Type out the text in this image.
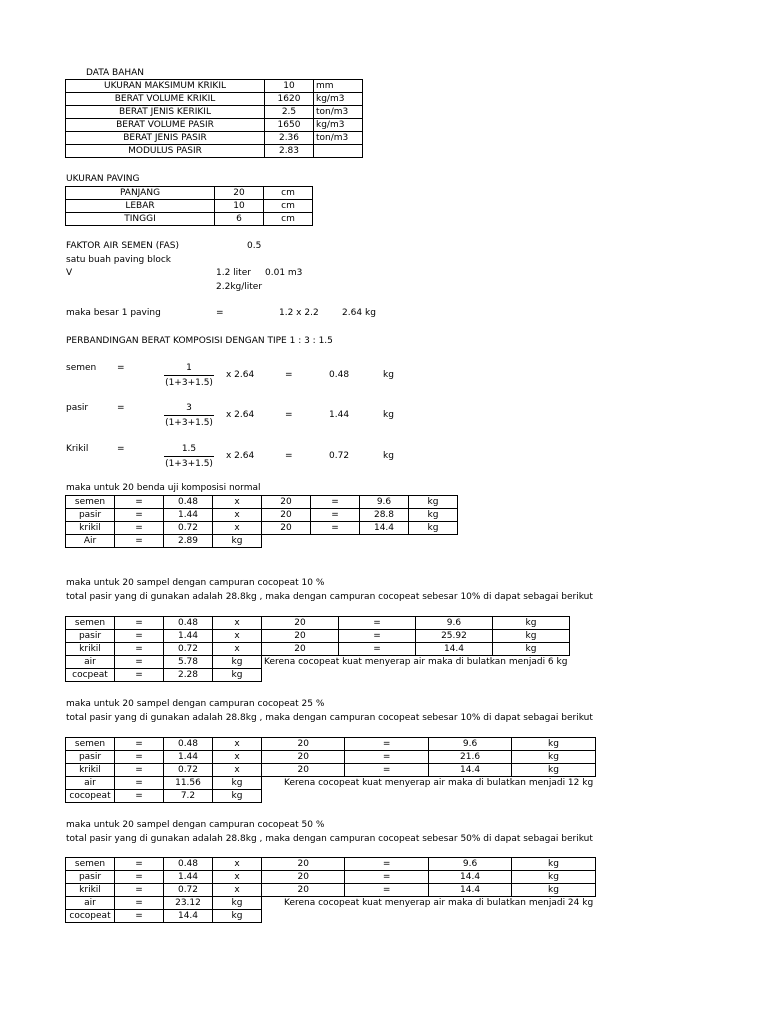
DATA BAHAN
UKURAN MAKSIMUM KRIKIL	10	mm
BERAT VOLUME KRIKIL	1620	kg/m3
BERAT JENIS KERIKIL	2.5	ton/m3
BERAT VOLUME PASIR	1650	kg/m3
BERAT JENIS PASIR	2.36	ton/m3
MODULUS PASIR	2.83	
UKURAN PAVING
PANJANG	20	cm
LEBAR	10	cm
TINGGI	6	cm
FAKTOR AIR SEMEN (FAS)	0.5
satu buah paving block
V	1.2 liter 0.01 m3
2.2kg/liter
maka besar 1 paving	=	1.2 x 2.2	2.64 kg
PERBANDINGAN BERAT KOMPOSISI DENGAN TIPE 1 : 3 : 1.5
semen =	$\frac{1}{(1+3+1.5)}$ x 2.64	=	0.48	kg
pasir	=	$\frac{3}{(1+3+1.5)}$ x 2.64	=	1.44	kg
Krikil	=	$\frac{1.5}{(1+3+1.5)}$ x 2.64	=	0.72	kg
maka untuk 20 benda uji komposisi normal
semen	=	0.48	x	20	=	9.6	kg
pasir	=	1.44	x	20	=	28.8	kg
krikil	=	0.72	x	20	=	14.4	kg
Air	=	2.89	kg				
maka untuk 20 sampel dengan campuran cocopeat 10 %
total pasir yang di gunakan adalah 28.8kg , maka dengan campuran cocopeat sebesar 10% di dapat sebagai berikut
semen	=	0.48	x	20	=	9.6	kg
pasir	=	1.44	x	20	=	25.92	kg
krikil	=	0.72	x	20	=	14.4	kg
air	=	5.78	kg	Kerena cocopeat kuat menyerap air maka di bulatkan menjadi 6 kg			
cocpeat	=	2.28	kg				
maka untuk 20 sampel dengan campuran cocopeat 25 %
total pasir yang di gunakan adalah 28.8kg , maka dengan campuran cocopeat sebesar 10% di dapat sebagai berikut
semen	=	0.48	x	20	=	9.6	kg
pasir	=	1.44	x	20	=	21.6	kg
krikil	=	0.72	x	20	=	14.4	kg
air	=	11.56	kg	Kerena cocopeat kuat menyerap air maka di bulatkan menjadi 12 kg			
cocopeat	=	7.2	kg				
maka untuk 20 sampel dengan campuran cocopeat 50 %
total pasir yang di gunakan adalah 28.8kg , maka dengan campuran cocopeat sebesar 50% di dapat sebagai berikut
semen	=	0.48	x	20	=	9.6	kg
pasir	=	1.44	x	20	=	14.4	kg
krikil	=	0.72	x	20	=	14.4	kg
air	=	23.12	kg	Kerena cocopeat kuat menyerap air maka di bulatkan menjadi 24 kg			
cocopeat	=	14.4	kg				
